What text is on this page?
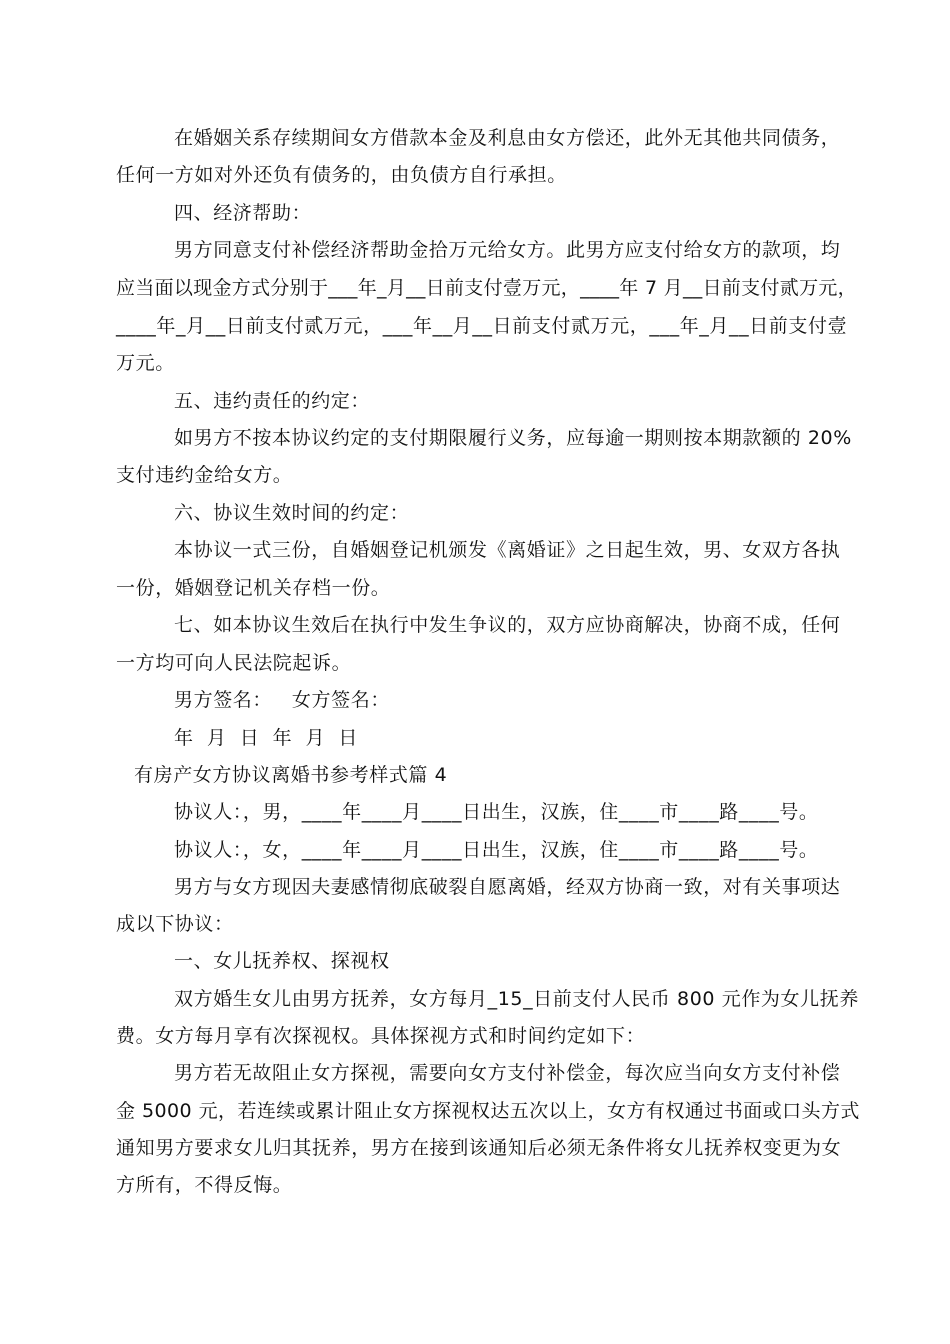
在婚姻关系存续期间女方借款本金及利息由女方偿还，此外无其他共同债务，
任何一方如对外还负有债务的，由负债方自行承担。
四、经济帮助：
男方同意支付补偿经济帮助金拾万元给女方。此男方应支付给女方的款项，均
应当面以现金方式分别于___年_月__日前支付壹万元，____年 7 月__日前支付贰万元，
____年_月__日前支付贰万元，___年__月__日前支付贰万元，___年_月__日前支付壹
万元。
五、违约责任的约定：
如男方不按本协议约定的支付期限履行义务，应每逾一期则按本期款额的 20%
支付违约金给女方。
六、协议生效时间的约定：
本协议一式三份，自婚姻登记机颁发《离婚证》之日起生效，男、女双方各执
一份，婚姻登记机关存档一份。
七、如本协议生效后在执行中发生争议的，双方应协商解决，协商不成，任何
一方均可向人民法院起诉。
男方签名：   女方签名：
年  月  日  年  月  日
有房产女方协议离婚书参考样式篇 4
协议人：，男，____年____月____日出生，汉族，住____市____路____号。
协议人：，女，____年____月____日出生，汉族，住____市____路____号。
男方与女方现因夫妻感情彻底破裂自愿离婚，经双方协商一致，对有关事项达
成以下协议：
一、女儿抚养权、探视权
双方婚生女儿由男方抚养，女方每月_15_日前支付人民币 800 元作为女儿抚养
费。女方每月享有次探视权。具体探视方式和时间约定如下：
男方若无故阻止女方探视，需要向女方支付补偿金，每次应当向女方支付补偿
金 5000 元，若连续或累计阻止女方探视权达五次以上，女方有权通过书面或口头方式
通知男方要求女儿归其抚养，男方在接到该通知后必须无条件将女儿抚养权变更为女
方所有，不得反悔。
